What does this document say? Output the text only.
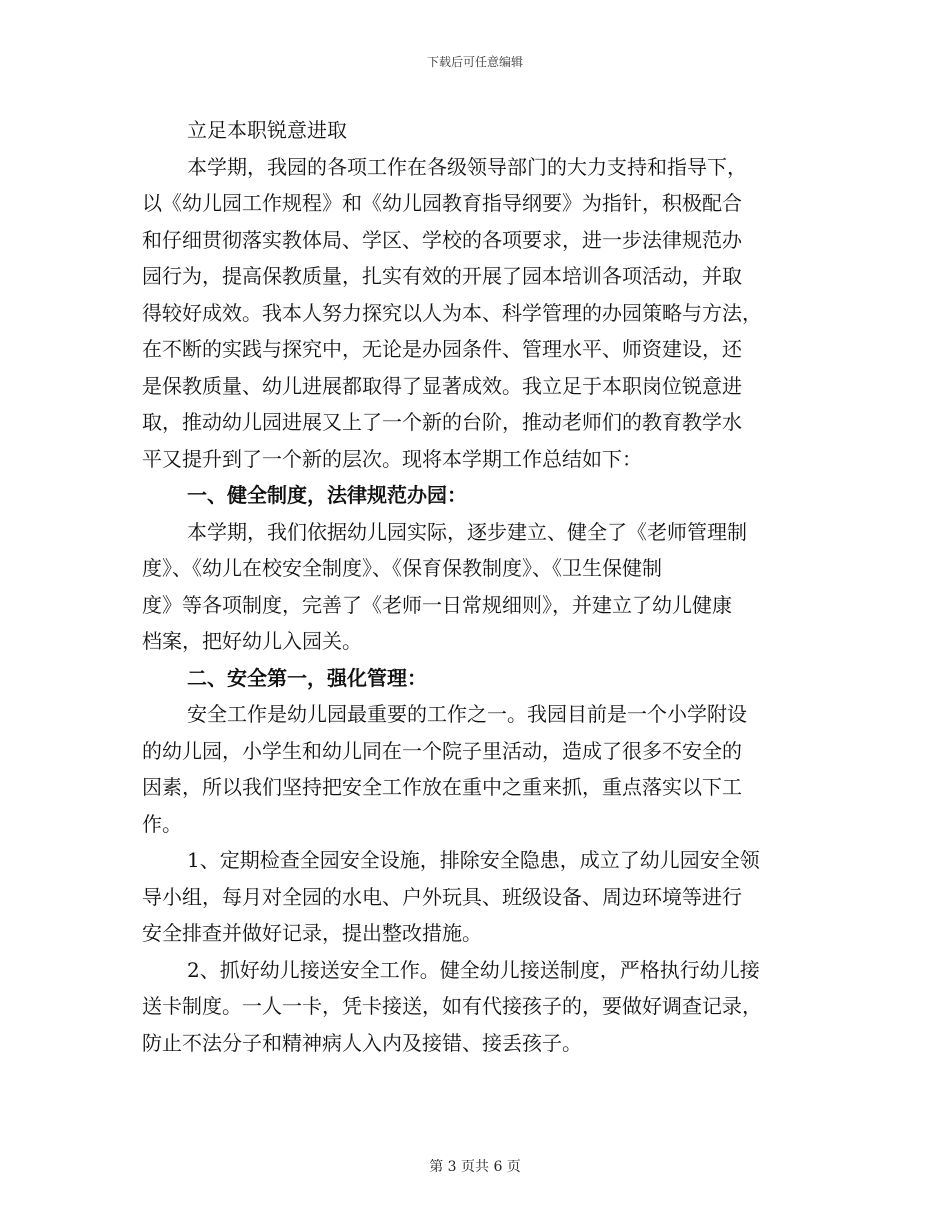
下载后可任意编辑
立足本职锐意进取
本学期，我园的各项工作在各级领导部门的大力支持和指导下，
以《幼儿园工作规程》和《幼儿园教育指导纲要》为指针，积极配合
和仔细贯彻落实教体局、学区、学校的各项要求，进一步法律规范办
园行为，提高保教质量，扎实有效的开展了园本培训各项活动，并取
得较好成效。我本人努力探究以人为本、科学管理的办园策略与方法，
在不断的实践与探究中，无论是办园条件、管理水平、师资建设，还
是保教质量、幼儿进展都取得了显著成效。我立足于本职岗位锐意进
取，推动幼儿园进展又上了一个新的台阶，推动老师们的教育教学水
平又提升到了一个新的层次。现将本学期工作总结如下：
一、健全制度，法律规范办园：
本学期，我们依据幼儿园实际，逐步建立、健全了《老师管理制
度》、《幼儿在校安全制度》、《保育保教制度》、《卫生保健制
度》等各项制度，完善了《老师一日常规细则》，并建立了幼儿健康
档案，把好幼儿入园关。
二、安全第一，强化管理：
安全工作是幼儿园最重要的工作之一。我园目前是一个小学附设
的幼儿园，小学生和幼儿同在一个院子里活动，造成了很多不安全的
因素，所以我们坚持把安全工作放在重中之重来抓，重点落实以下工
作。
1、定期检查全园安全设施，排除安全隐患，成立了幼儿园安全领
导小组，每月对全园的水电、户外玩具、班级设备、周边环境等进行
安全排查并做好记录，提出整改措施。
2、抓好幼儿接送安全工作。健全幼儿接送制度，严格执行幼儿接
送卡制度。一人一卡，凭卡接送，如有代接孩子的，要做好调查记录，
防止不法分子和精神病人入内及接错、接丢孩子。
第 3 页共 6 页
